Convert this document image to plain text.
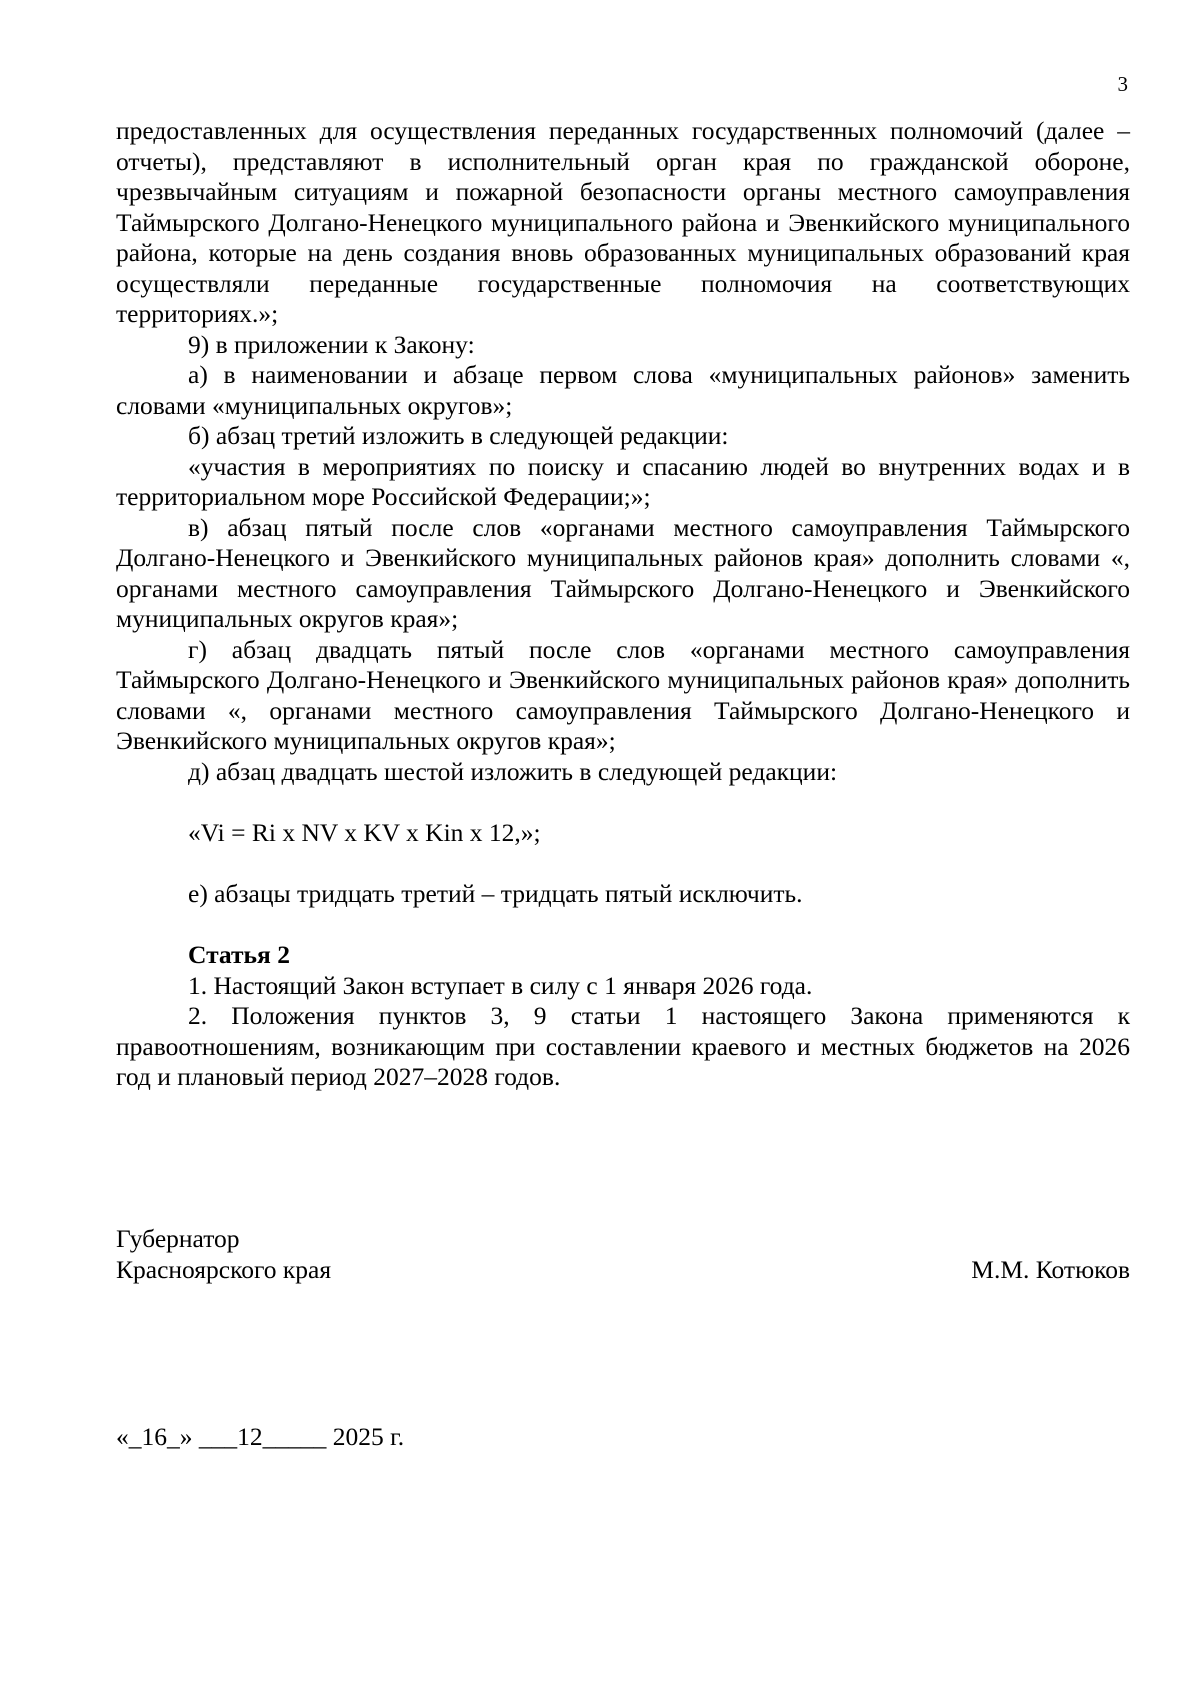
3

предоставленных для осуществления переданных государственных полномочий (далее – отчеты), представляют в исполнительный орган края по гражданской обороне, чрезвычайным ситуациям и пожарной безопасности органы местного самоуправления Таймырского Долгано-Ненецкого муниципального района и Эвенкийского муниципального района, которые на день создания вновь образованных муниципальных образований края осуществляли переданные государственные полномочия на соответствующих территориях.»;

9) в приложении к Закону:

а) в наименовании и абзаце первом слова «муниципальных районов» заменить словами «муниципальных округов»;

б) абзац третий изложить в следующей редакции:

«участия в мероприятиях по поиску и спасанию людей во внутренних водах и в территориальном море Российской Федерации;»;

в) абзац пятый после слов «органами местного самоуправления Таймырского Долгано-Ненецкого и Эвенкийского муниципальных районов края» дополнить словами «, органами местного самоуправления Таймырского Долгано-Ненецкого и Эвенкийского муниципальных округов края»;

г) абзац двадцать пятый после слов «органами местного самоуправления Таймырского Долгано-Ненецкого и Эвенкийского муниципальных районов края» дополнить словами «, органами местного самоуправления Таймырского Долгано-Ненецкого и Эвенкийского муниципальных округов края»;

д) абзац двадцать шестой изложить в следующей редакции:

«Vi = Ri x NV x KV x Kin x 12,»;

е) абзацы тридцать третий – тридцать пятый исключить.

Статья 2

1. Настоящий Закон вступает в силу с 1 января 2026 года.

2. Положения пунктов 3, 9 статьи 1 настоящего Закона применяются к правоотношениям, возникающим при составлении краевого и местных бюджетов на 2026 год и плановый период 2027–2028 годов.

Губернатор
Красноярского края	М.М. Котюков
«_16_» ___12_____ 2025 г.
